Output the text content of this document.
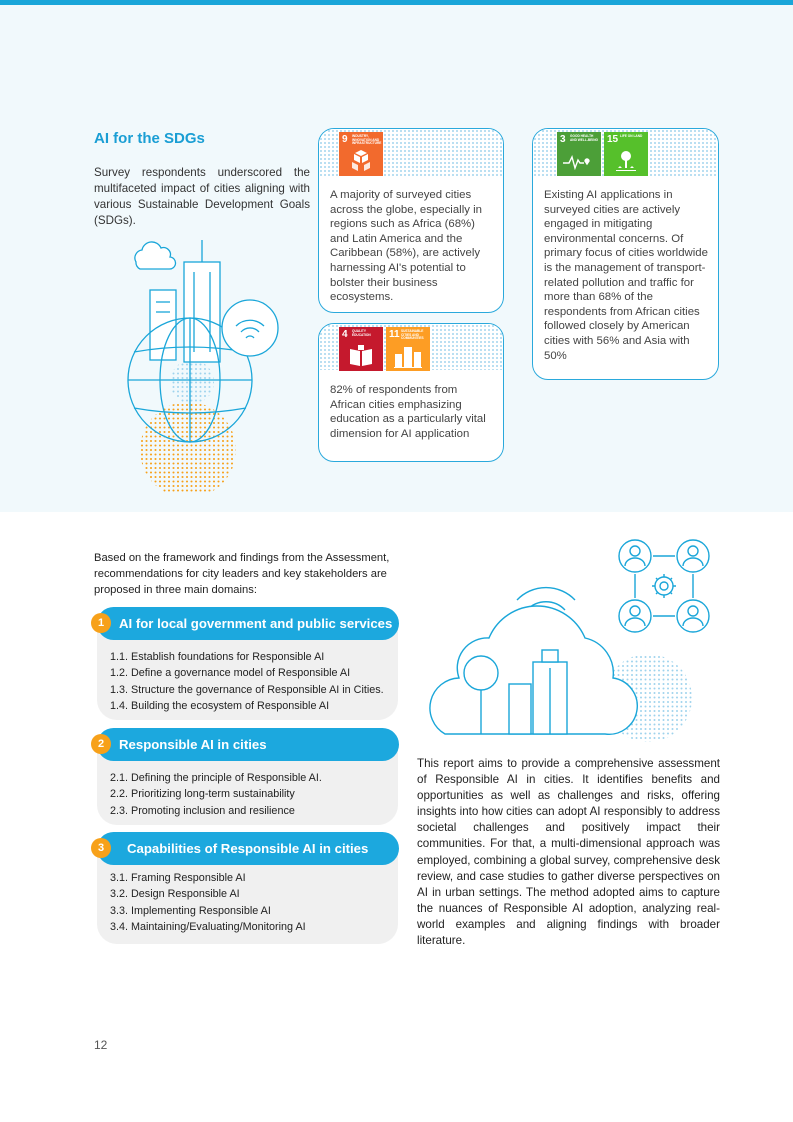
AI for the SDGs
Survey respondents underscored the multifaceted impact of cities aligning with various Sustainable Development Goals (SDGs).
9 INDUSTRY, INNOVATION AND INFRASTRUCTURE

A majority of surveyed cities across the globe, especially in regions such as Africa (68%) and Latin America and the Caribbean (58%), are actively harnessing AI's potential to bolster their business ecosystems.

3 GOOD HEALTH AND WELL-BEING 15 LIFE ON LAND

Existing AI applications in surveyed cities are actively engaged in mitigating environmental concerns. Of primary focus of cities worldwide is the management of transport-related pollution and traffic for more than 68% of the respondents from African cities followed closely by American cities with 56% and Asia with 50%

4 QUALITY EDUCATION	11 SUSTAINABLE CITIES AND COMMUNITIES

82% of respondents from African cities emphasizing education as a particularly vital dimension for AI application

Based on the framework and findings from the Assessment, recommendations for city leaders and key stakeholders are proposed in three main domains:
1.1. Establish foundations for Responsible AI
1.2. Define a governance model of Responsible AI
1.3. Structure the governance of Responsible AI in Cities.
1.4. Building the ecosystem of Responsible AI
AI for local government and public services
1
2.1. Defining the principle of Responsible AI.
2.2. Prioritizing long-term sustainability
2.3. Promoting inclusion and resilience
Responsible AI in cities
2
3.1. Framing Responsible AI
3.2. Design Responsible AI
3.3. Implementing Responsible AI
3.4. Maintaining/Evaluating/Monitoring AI
Capabilities of Responsible AI in cities
3
This report aims to provide a comprehensive assessment of Responsible AI in cities. It identifies benefits and opportunities as well as challenges and risks, offering insights into how cities can adopt AI responsibly to address societal challenges and positively impact their communities. For that, a multi-dimensional approach was employed, combining a global survey, comprehensive desk review, and case studies to gather diverse perspectives on AI in urban settings. The method adopted aims to capture the nuances of Responsible AI adoption, analyzing real-world examples and aligning findings with broader literature.
12
